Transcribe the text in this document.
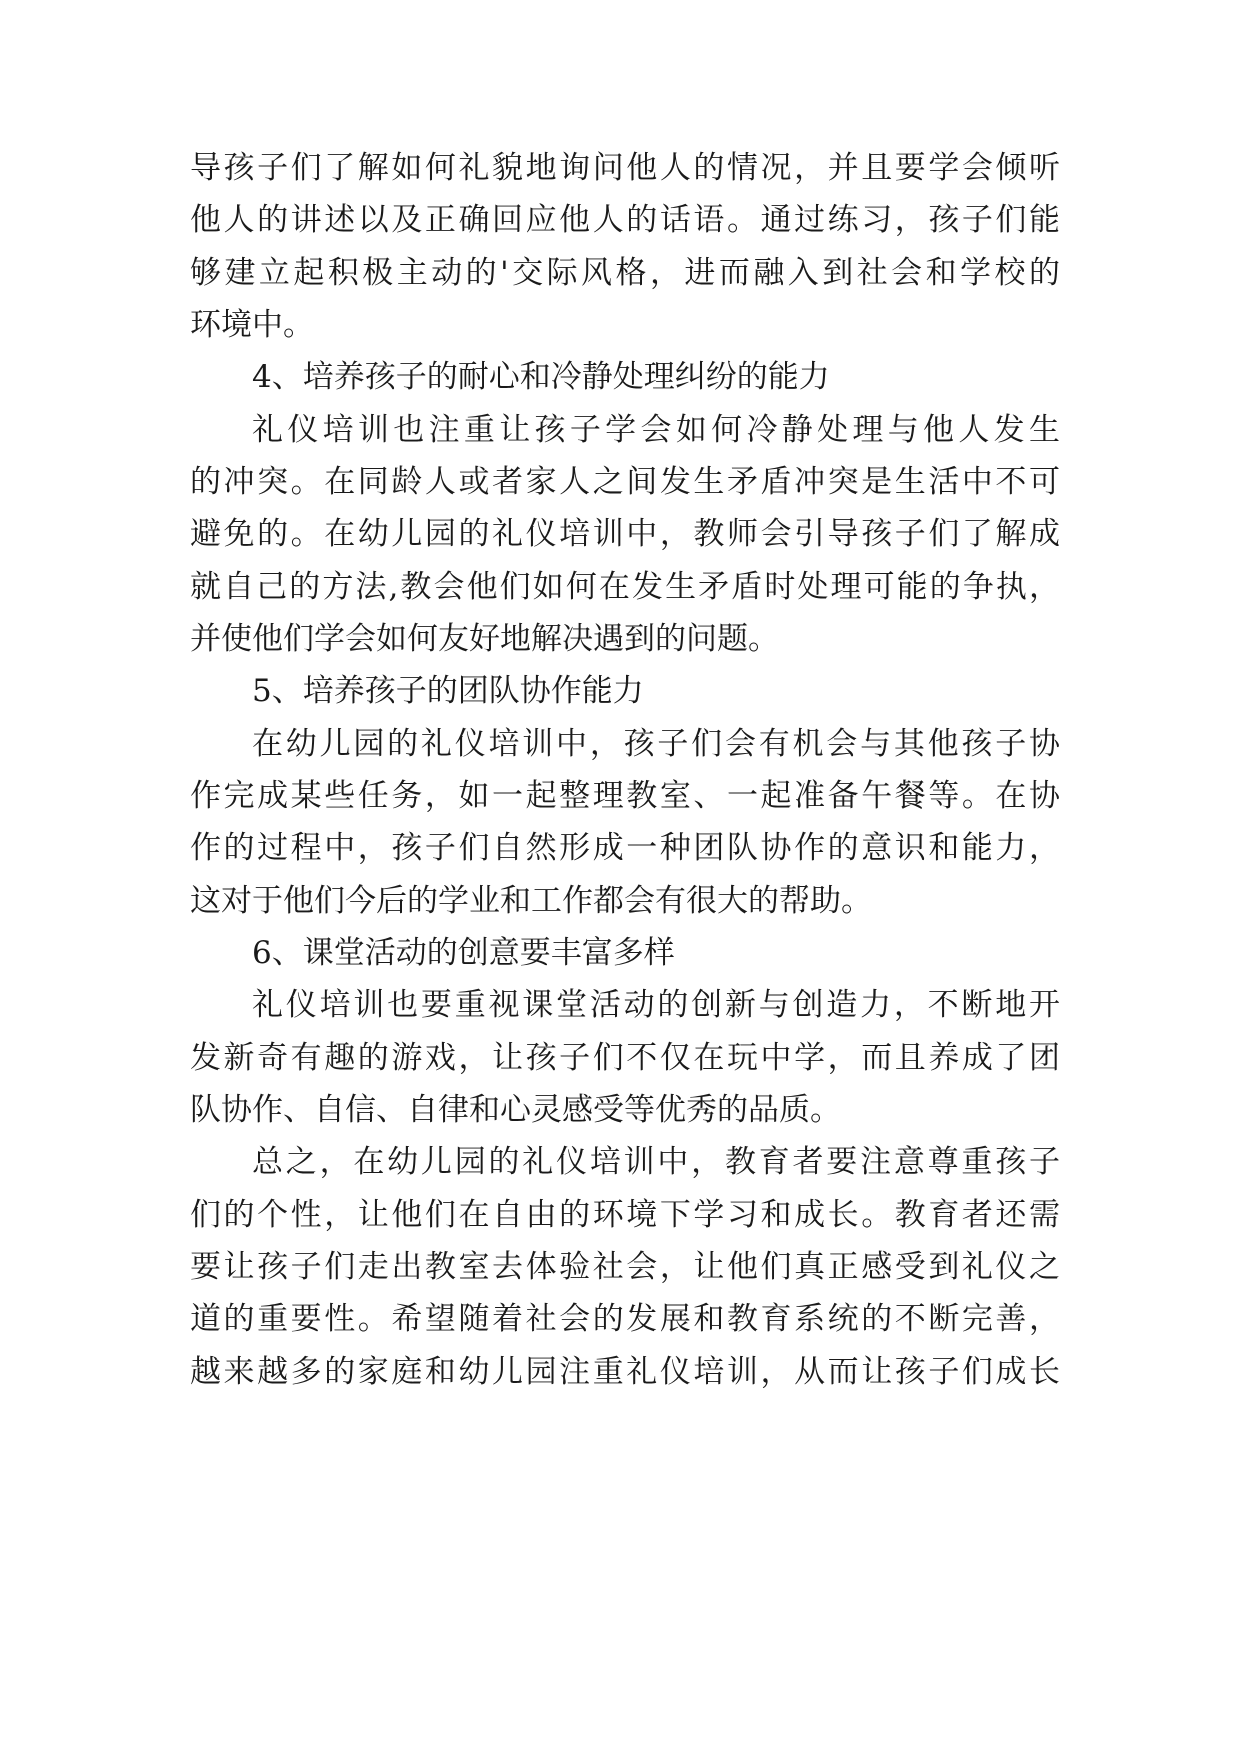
导孩子们了解如何礼貌地询问他人的情况，并且要学会倾听
他人的讲述以及正确回应他人的话语。通过练习，孩子们能
够建立起积极主动的'交际风格，进而融入到社会和学校的
环境中。
4、培养孩子的耐心和冷静处理纠纷的能力
礼仪培训也注重让孩子学会如何冷静处理与他人发生
的冲突。在同龄人或者家人之间发生矛盾冲突是生活中不可
避免的。在幼儿园的礼仪培训中，教师会引导孩子们了解成
就自己的方法,教会他们如何在发生矛盾时处理可能的争执，
并使他们学会如何友好地解决遇到的问题。
5、培养孩子的团队协作能力
在幼儿园的礼仪培训中，孩子们会有机会与其他孩子协
作完成某些任务，如一起整理教室、一起准备午餐等。在协
作的过程中，孩子们自然形成一种团队协作的意识和能力，
这对于他们今后的学业和工作都会有很大的帮助。
6、课堂活动的创意要丰富多样
礼仪培训也要重视课堂活动的创新与创造力，不断地开
发新奇有趣的游戏，让孩子们不仅在玩中学，而且养成了团
队协作、自信、自律和心灵感受等优秀的品质。
总之，在幼儿园的礼仪培训中，教育者要注意尊重孩子
们的个性，让他们在自由的环境下学习和成长。教育者还需
要让孩子们走出教室去体验社会，让他们真正感受到礼仪之
道的重要性。希望随着社会的发展和教育系统的不断完善，
越来越多的家庭和幼儿园注重礼仪培训，从而让孩子们成长
